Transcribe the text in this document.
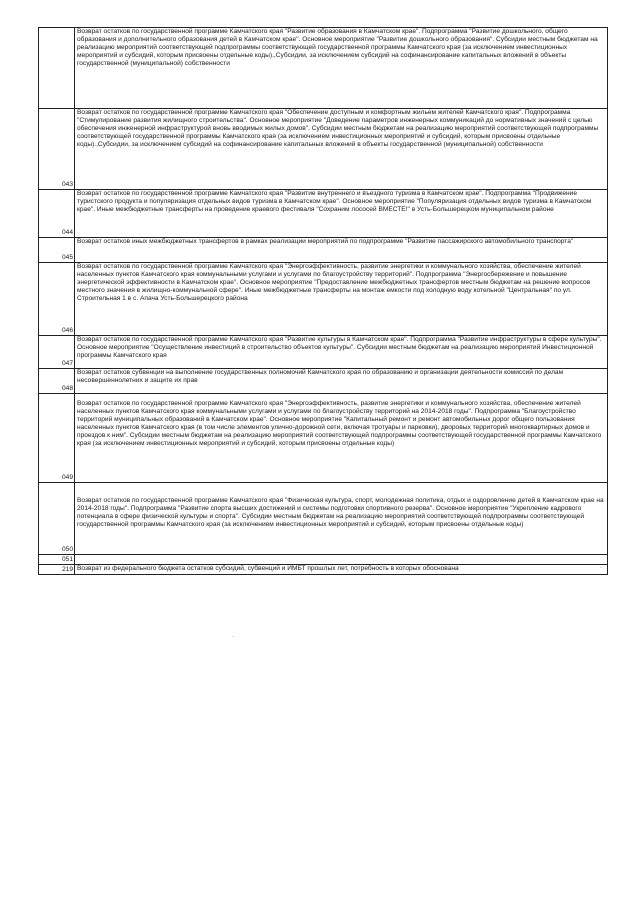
	Возврат остатков по государственной программе Камчатского края "Развитие образования в Камчатском крае". Подпрограмма "Развитие дошкольного, общего образования и дополнительного образования детей в Камчатском крае". Основное мероприятие "Развитие дошкольного образования". Субсидии местным бюджетам на реализацию мероприятий соответствующей подпрограммы соответствующей государственной программы Камчатского края (за исключением инвестиционных мероприятий и субсидий, которым присвоены отдельные коды).,Субсидии, за исключением субсидий на софинансирование капитальных вложений в объекты государственной (муниципальной) собственности
043	Возврат остатков по государственной программе Камчатского края "Обеспечение доступным и комфортным жильем жителей Камчатского края". Подпрограмма "Стимулирование развития жилищного строительства". Основное мероприятие "Доведение параметров инженерных коммуникаций до нормативных значений с целью обеспечения инженерной инфраструктурой вновь вводимых жилых домов". Субсидии местным бюджетам на реализацию мероприятий соответствующей подпрограммы соответствующей государственной программы Камчатского края (за исключением инвестиционных мероприятий и субсидий, которым присвоены отдельные коды).,Субсидии, за исключением субсидий на софинансирование капитальных вложений в объекты государственной (муниципальной) собственности
044	Возврат остатков по государственной программе Камчатского края "Развитие внутреннего и въездного туризма в Камчатском крае". Подпрограмма "Продвижение туристского продукта и популяризация отдельных видов туризма в Камчатском крае". Основное мероприятие "Популяризация отдельных видов туризма в Камчатском крае". Иные межбюджетные трансферты на проведение краевого фестиваля "Сохраним лососей ВМЕСТЕ!" в Усть-Большерецком муниципальном районе
045	Возврат остатков иных межбюджетных трансфертов в рамках реализации мероприятий по подпрограмме "Развитие пассажирского автомобильного транспорта"
046	Возврат остатков по государственной программе Камчатского края "Энергоэффективность, развитие энергетики и коммунального хозяйства, обеспечение жителей населенных пунктов Камчатского края коммунальными услугами и услугами по благоустройству территорий". Подпрограмма "Энергосбережение и повышение энергетической эффективности в Камчатском крае". Основное мероприятие "Предоставление межбюджетных трансфертов местным бюджетам на решение вопросов местного значения в жилищно-коммунальной сфере". Иные межбюджетные трансферты на монтаж емкости под холодную воду котельной "Центральная" по ул. Строительная 1 в с. Апача Усть-Большерецкого района
047	Возврат остатков по государственной программе Камчатского края "Развитие культуры в Камчатском крае". Подпрограмма "Развитие инфраструктуры в сфере культуры". Основное мероприятие "Осуществление инвестиций в строительство объектов культуры". Субсидии местным бюджетам на реализацию мероприятий Инвестиционной программы Камчатского края
048	Возврат остатков субвенции на выполнение государственных полномочий Камчатского края по образованию и организации деятельности комиссий по делам несовершеннолетних и защите их прав
049	Возврат остатков по государственной программе Камчатского края "Энергоэффективность, развитие энергетики и коммунального хозяйства, обеспечение жителей населенных пунктов Камчатского края коммунальными услугами и услугами по благоустройству территорий на 2014-2018 годы". Подпрограмма "Благоустройство территорий муниципальных образований в Камчатском крае". Основное мероприятие "Капитальный ремонт и ремонт автомобильных дорог общего пользования населенных пунктов Камчатского края (в том числе элементов улично-дорожной сети, включая тротуары и парковки), дворовых территорий многоквартирных домов и проездов к ним". Субсидии местным бюджетам на реализацию мероприятий соответствующей подпрограммы соответствующей государственной программы Камчатского края (за исключением инвестиционных мероприятий и субсидий, которым присвоены отдельные коды)
050	Возврат остатков по государственной программе Камчатского края "Физическая культура, спорт, молодежная политика, отдых и оздоровление детей в Камчатском крае на 2014-2018 годы". Подпрограмма "Развитие спорта высших достижений и системы подготовки спортивного резерва". Основное мероприятие "Укрепление кадрового потенциала в сфере физической культуры и спорта". Субсидии местным бюджетам на реализацию мероприятий соответствующей подпрограммы соответствующей государственной программы Камчатского края (за исключением инвестиционных мероприятий и субсидий, которым присвоены отдельные коды)
051	
219	Возврат из федерального бюджета остатков субсидий, субвенций и ИМБТ прошлых лет, потребность в которых обоснована	·
·
